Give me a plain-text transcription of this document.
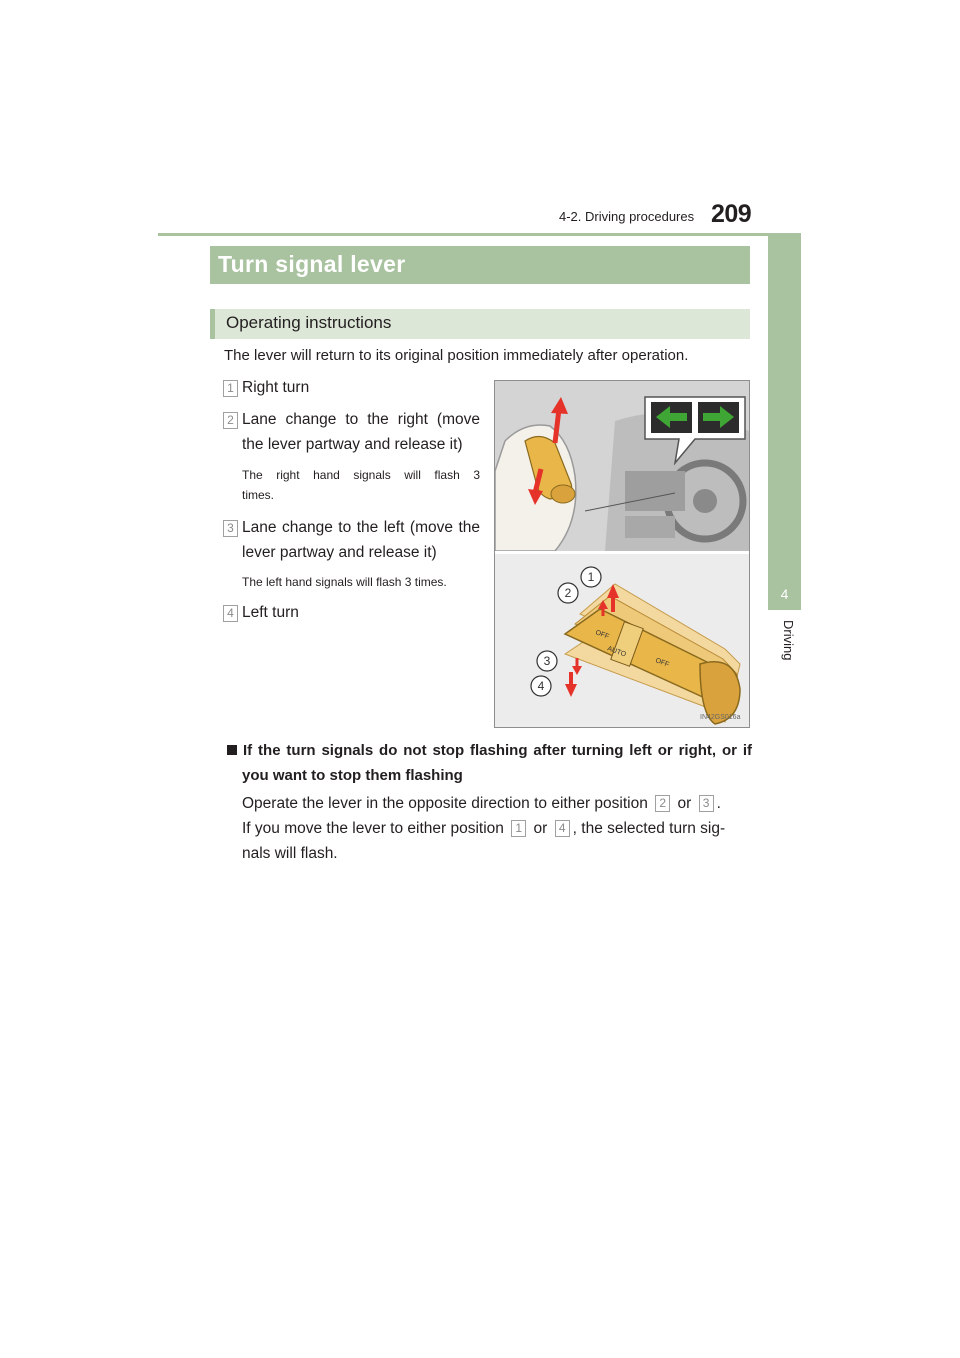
209
4-2. Driving procedures
4
Driving
Turn signal lever
Operating instructions
The lever will return to its original position immediately after operation.
1 Right turn
2 Lane change to the right (move
the lever partway and release it)
The right hand signals will flash 3
times.
3 Lane change to the left (move the
lever partway and release it)
The left hand signals will flash 3 times.
4 Left turn
OFF
AUTO
OFF
1
2
3
4
IN42GS016a
If the turn signals do not stop flashing after turning left or right, or if
you want to stop them flashing
Operate the lever in the opposite direction to either position 2 or 3 .
If you move the lever to either position 1 or 4 , the selected turn sig-
nals will flash.
